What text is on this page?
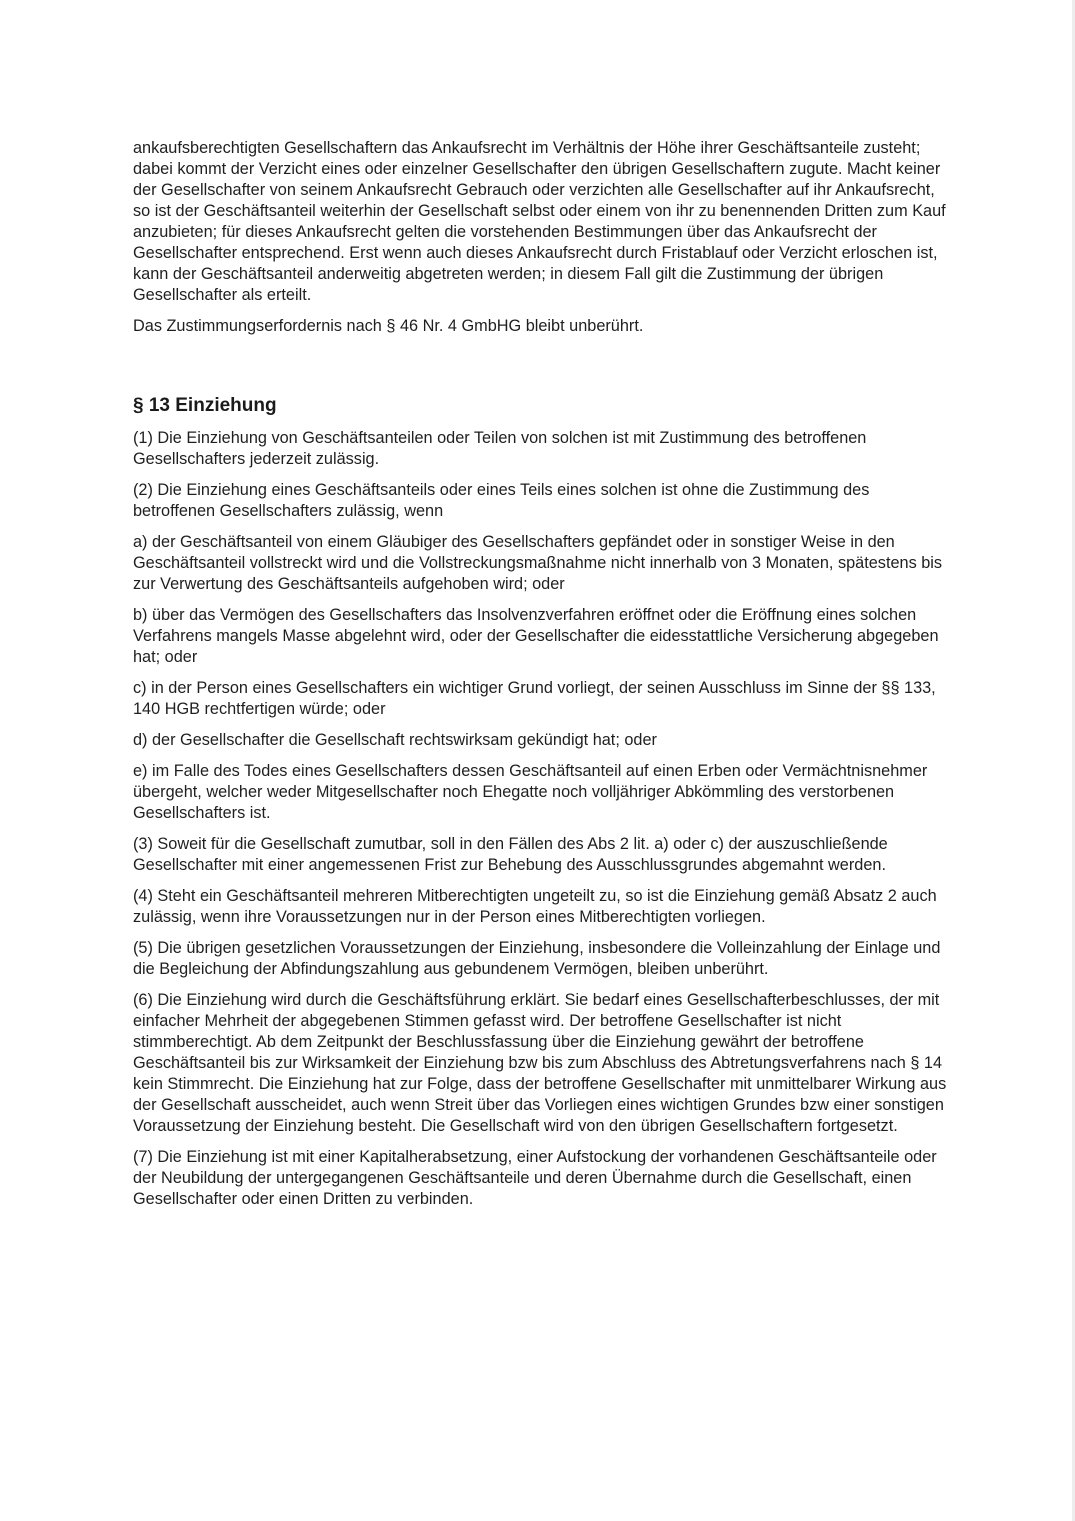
ankaufsberechtigten Gesellschaftern das Ankaufsrecht im Verhältnis der Höhe ihrer Geschäftsanteile zusteht; dabei kommt der Verzicht eines oder einzelner Gesellschafter den übrigen Gesellschaftern zugute. Macht keiner der Gesellschafter von seinem Ankaufsrecht Gebrauch oder verzichten alle Gesellschafter auf ihr Ankaufsrecht, so ist der Geschäftsanteil weiterhin der Gesellschaft selbst oder einem von ihr zu benennenden Dritten zum Kauf anzubieten; für dieses Ankaufsrecht gelten die vorstehenden Bestimmungen über das Ankaufsrecht der Gesellschafter entsprechend. Erst wenn auch dieses Ankaufsrecht durch Fristablauf oder Verzicht erloschen ist, kann der Geschäftsanteil anderweitig abgetreten werden; in diesem Fall gilt die Zustimmung der übrigen Gesellschafter als erteilt.

Das Zustimmungserfordernis nach § 46 Nr. 4 GmbHG bleibt unberührt.

§ 13 Einziehung

(1) Die Einziehung von Geschäftsanteilen oder Teilen von solchen ist mit Zustimmung des betroffenen Gesellschafters jederzeit zulässig.

(2) Die Einziehung eines Geschäftsanteils oder eines Teils eines solchen ist ohne die Zustimmung des betroffenen Gesellschafters zulässig, wenn

a) der Geschäftsanteil von einem Gläubiger des Gesellschafters gepfändet oder in sonstiger Weise in den Geschäftsanteil vollstreckt wird und die Vollstreckungsmaßnahme nicht innerhalb von 3 Monaten, spätestens bis zur Verwertung des Geschäftsanteils aufgehoben wird; oder

b) über das Vermögen des Gesellschafters das Insolvenzverfahren eröffnet oder die Eröffnung eines solchen Verfahrens mangels Masse abgelehnt wird, oder der Gesellschafter die eidesstattliche Versicherung abgegeben hat; oder

c) in der Person eines Gesellschafters ein wichtiger Grund vorliegt, der seinen Ausschluss im Sinne der §§ 133, 140 HGB rechtfertigen würde; oder

d) der Gesellschafter die Gesellschaft rechtswirksam gekündigt hat; oder

e) im Falle des Todes eines Gesellschafters dessen Geschäftsanteil auf einen Erben oder Vermächtnisnehmer übergeht, welcher weder Mitgesellschafter noch Ehegatte noch volljähriger Abkömmling des verstorbenen Gesellschafters ist.

(3) Soweit für die Gesellschaft zumutbar, soll in den Fällen des Abs 2 lit. a) oder c) der auszuschließende Gesellschafter mit einer angemessenen Frist zur Behebung des Ausschlussgrundes abgemahnt werden.

(4) Steht ein Geschäftsanteil mehreren Mitberechtigten ungeteilt zu, so ist die Einziehung gemäß Absatz 2 auch zulässig, wenn ihre Voraussetzungen nur in der Person eines Mitberechtigten vorliegen.

(5) Die übrigen gesetzlichen Voraussetzungen der Einziehung, insbesondere die Volleinzahlung der Einlage und die Begleichung der Abfindungszahlung aus gebundenem Vermögen, bleiben unberührt.

(6) Die Einziehung wird durch die Geschäftsführung erklärt. Sie bedarf eines Gesellschafterbeschlusses, der mit einfacher Mehrheit der abgegebenen Stimmen gefasst wird. Der betroffene Gesellschafter ist nicht stimmberechtigt. Ab dem Zeitpunkt der Beschlussfassung über die Einziehung gewährt der betroffene Geschäftsanteil bis zur Wirksamkeit der Einziehung bzw bis zum Abschluss des Abtretungsverfahrens nach § 14 kein Stimmrecht. Die Einziehung hat zur Folge, dass der betroffene Gesellschafter mit unmittelbarer Wirkung aus der Gesellschaft ausscheidet, auch wenn Streit über das Vorliegen eines wichtigen Grundes bzw einer sonstigen Voraussetzung der Einziehung besteht. Die Gesellschaft wird von den übrigen Gesellschaftern fortgesetzt.

(7) Die Einziehung ist mit einer Kapitalherabsetzung, einer Aufstockung der vorhandenen Geschäftsanteile oder der Neubildung der untergegangenen Geschäftsanteile und deren Übernahme durch die Gesellschaft, einen Gesellschafter oder einen Dritten zu verbinden.
